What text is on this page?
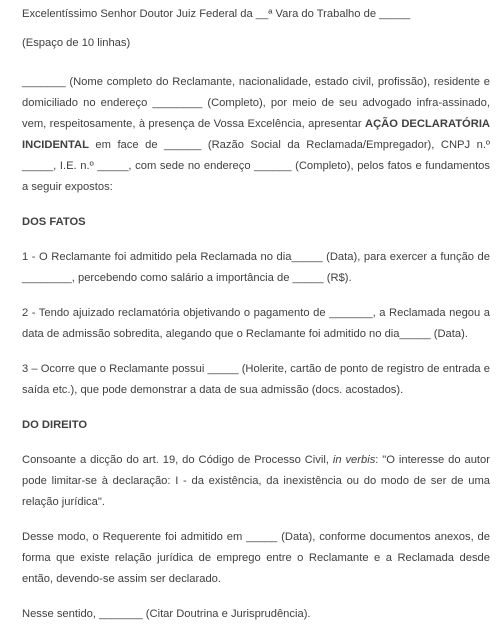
Excelentíssimo Senhor Doutor Juiz Federal da __ª Vara do Trabalho de _____

(Espaço de 10 linhas)

_______ (Nome completo do Reclamante, nacionalidade, estado civil, profissão), residente e domiciliado no endereço ________ (Completo), por meio de seu advogado infra-assinado, vem, respeitosamente, à presença de Vossa Excelência, apresentar AÇÃO DECLARATÓRIA INCIDENTAL em face de ______ (Razão Social da Reclamada/Empregador), CNPJ n.º _____, I.E. n.º _____, com sede no endereço ______ (Completo), pelos fatos e fundamentos a seguir expostos:

DOS FATOS

1 - O Reclamante foi admitido pela Reclamada no dia_____ (Data), para exercer a função de ________, percebendo como salário a importância de _____ (R$).

2 - Tendo ajuizado reclamatória objetivando o pagamento de _______, a Reclamada negou a data de admissão sobredita, alegando que o Reclamante foi admitido no dia_____ (Data).

3 – Ocorre que o Reclamante possui _____ (Holerite, cartão de ponto de registro de entrada e saída etc.), que pode demonstrar a data de sua admissão (docs. acostados).

DO DIREITO

Consoante a dicção do art. 19, do Código de Processo Civil, in verbis: "O interesse do autor pode limitar-se à declaração: I - da existência, da inexistência ou do modo de ser de uma relação jurídica".

Desse modo, o Requerente foi admitido em _____ (Data), conforme documentos anexos, de forma que existe relação jurídica de emprego entre o Reclamante e a Reclamada desde então, devendo-se assim ser declarado.

Nesse sentido, _______ (Citar Doutrina e Jurisprudência).
